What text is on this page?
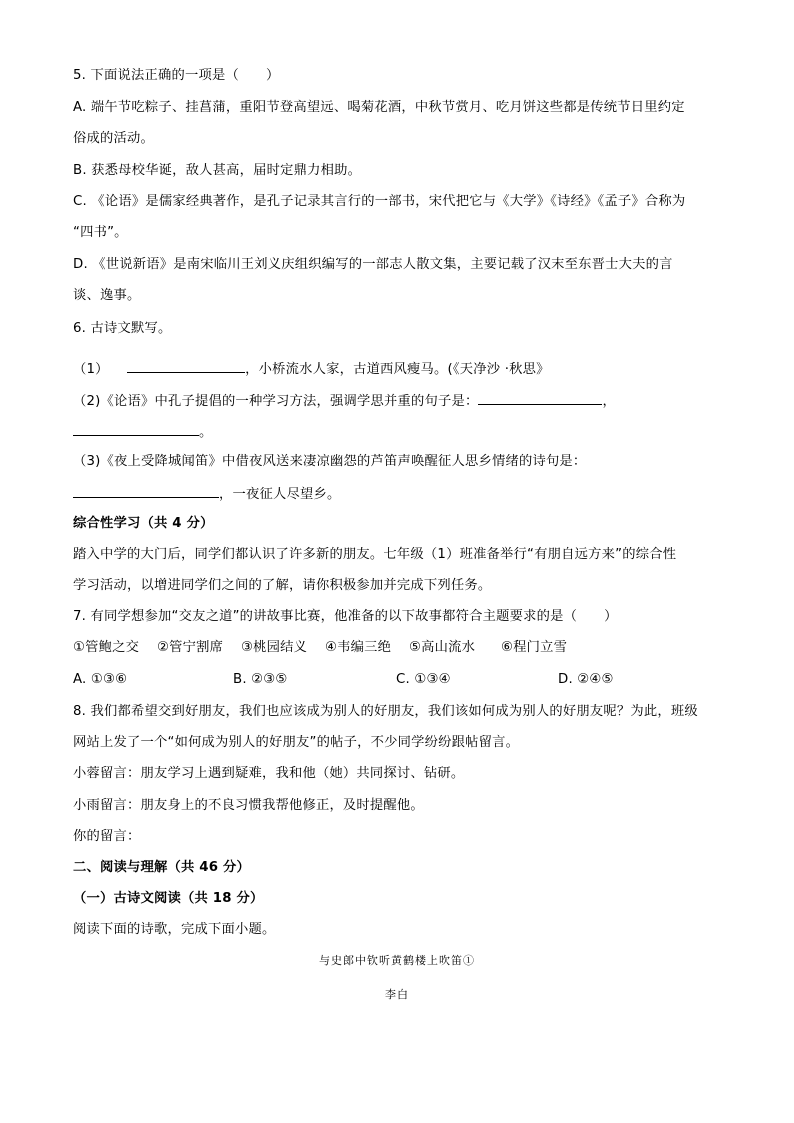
5. 下面说法正确的一项是（　　）
A. 端午节吃粽子、挂菖蒲，重阳节登高望远、喝菊花酒，中秋节赏月、吃月饼这些都是传统节日里约定
俗成的活动。
B. 获悉母校华诞，敌人甚高，届时定鼎力相助。
C. 《论语》是儒家经典著作，是孔子记录其言行的一部书，宋代把它与《大学》《诗经》《孟子》合称为
“四书”。
D. 《世说新语》是南宋临川王刘义庆组织编写的一部志人散文集，主要记载了汉末至东晋士大夫的言
谈、逸事。
6. 古诗文默写。
（1）	，小桥流水人家，古道西风瘦马。(《天净沙 ·秋思》
（2)《论语》中孔子提倡的一种学习方法，强调学思并重的句子是：	，
。
（3)《夜上受降城闻笛》中借夜风送来凄凉幽怨的芦笛声唤醒征人思乡情绪的诗句是：
，一夜征人尽望乡。
综合性学习（共 4 分）
踏入中学的大门后，同学们都认识了许多新的朋友。七年级（1）班准备举行“有朋自远方来”的综合性
学习活动，以增进同学们之间的了解，请你积极参加并完成下列任务。
7. 有同学想参加“交友之道”的讲故事比赛，他准备的以下故事都符合主题要求的是（　　）
①管鲍之交 ②管宁割席 ③桃园结义 ④韦编三绝 ⑤高山流水 ⑥程门立雪
A. ①③⑥	B. ②③⑤	C. ①③④	D. ②④⑤
8. 我们都希望交到好朋友，我们也应该成为别人的好朋友，我们该如何成为别人的好朋友呢？为此，班级
网站上发了一个“如何成为别人的好朋友”的帖子，不少同学纷纷跟帖留言。
小蓉留言：朋友学习上遇到疑难，我和他（她）共同探讨、钻研。
小雨留言：朋友身上的不良习惯我帮他修正，及时提醒他。
你的留言：
二、阅读与理解（共 46 分）
（一）古诗文阅读（共 18 分）
阅读下面的诗歌，完成下面小题。
与史郎中钦听黄鹤楼上吹笛①
李白
